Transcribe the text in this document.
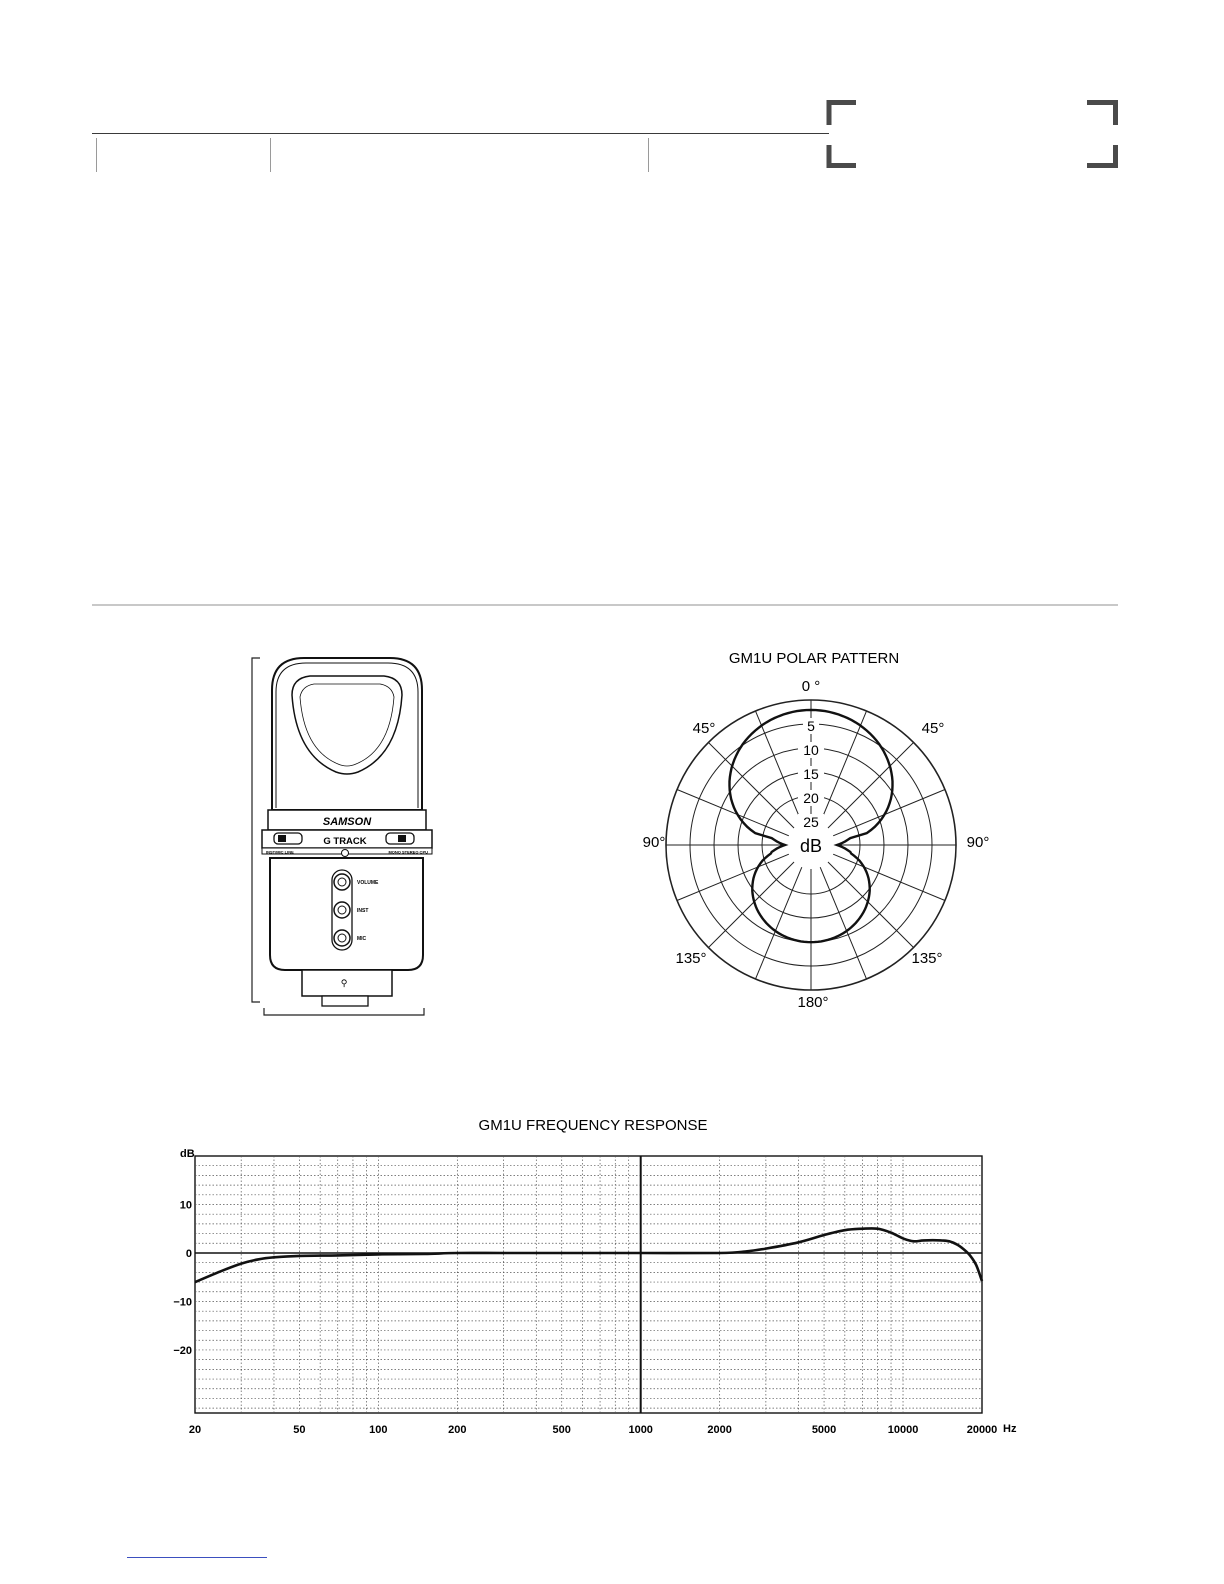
SAMSON
G TRACK
INST/MIC LINE	MONO STEREO CPU
VOLUME
INST
MIC
⚲
GM1U POLAR PATTERN
dB
5
10
15
20
25
0 °
45°	45°
90°	90°
135°	135°
180°
GM1U FREQUENCY RESPONSE
dB
Hz
20	50	100	200	500	1000	2000	5000	10000	20000
10
0
−10
−20
